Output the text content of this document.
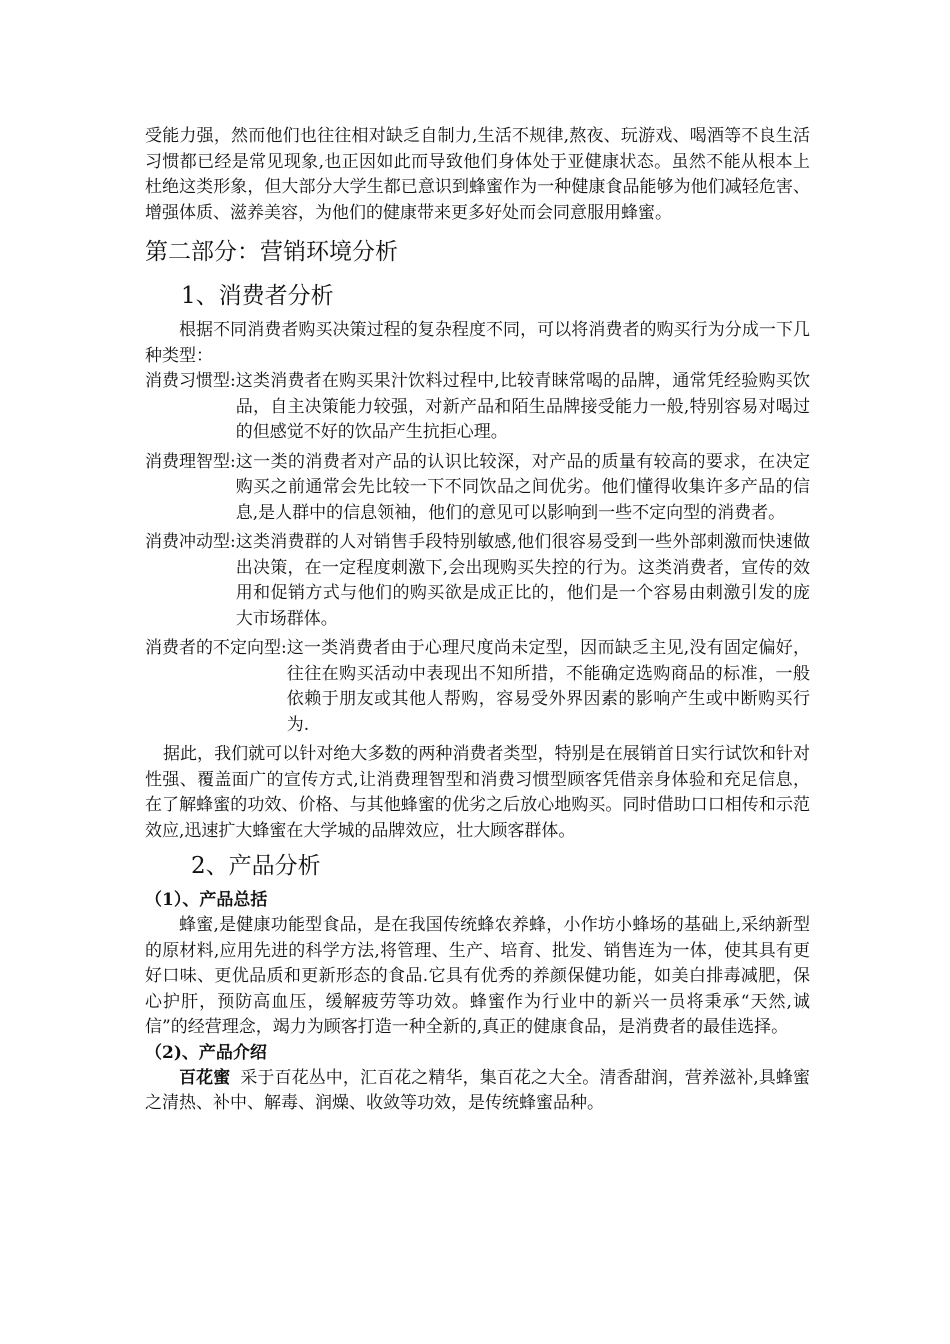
受能力强，然而他们也往往相对缺乏自制力,生活不规律,熬夜、玩游戏、喝酒等不良生活习惯都已经是常见现象,也正因如此而导致他们身体处于亚健康状态。虽然不能从根本上杜绝这类形象，但大部分大学生都已意识到蜂蜜作为一种健康食品能够为他们减轻危害、增强体质、滋养美容，为他们的健康带来更多好处而会同意服用蜂蜜。

第二部分：营销环境分析
1、消费者分析

根据不同消费者购买决策过程的复杂程度不同，可以将消费者的购买行为分成一下几种类型：

消费习惯型: 这类消费者在购买果汁饮料过程中,比较青睐常喝的品牌，通常凭经验购买饮品，自主决策能力较强，对新产品和陌生品牌接受能力一般,特别容易对喝过的但感觉不好的饮品产生抗拒心理。
消费理智型: 这一类的消费者对产品的认识比较深，对产品的质量有较高的要求，在决定购买之前通常会先比较一下不同饮品之间优劣。他们懂得收集许多产品的信息,是人群中的信息领袖，他们的意见可以影响到一些不定向型的消费者。
消费冲动型: 这类消费群的人对销售手段特别敏感,他们很容易受到一些外部刺激而快速做出决策，在一定程度刺激下,会出现购买失控的行为。这类消费者，宣传的效用和促销方式与他们的购买欲是成正比的，他们是一个容易由刺激引发的庞大市场群体。
消费者的不定向型: 这一类消费者由于心理尺度尚未定型，因而缺乏主见,没有固定偏好，往往在购买活动中表现出不知所措，不能确定选购商品的标准，一般依赖于朋友或其他人帮购，容易受外界因素的影响产生或中断购买行为.

据此，我们就可以针对绝大多数的两种消费者类型，特别是在展销首日实行试饮和针对性强、覆盖面广的宣传方式,让消费理智型和消费习惯型顾客凭借亲身体验和充足信息，在了解蜂蜜的功效、价格、与其他蜂蜜的优劣之后放心地购买。同时借助口口相传和示范效应,迅速扩大蜂蜜在大学城的品牌效应，壮大顾客群体。

2、产品分析
（1）、产品总括

蜂蜜,是健康功能型食品，是在我国传统蜂农养蜂，小作坊小蜂场的基础上,采纳新型的原材料,应用先进的科学方法,将管理、生产、培育、批发、销售连为一体，使其具有更好口味、更优品质和更新形态的食品.它具有优秀的养颜保健功能，如美白排毒减肥，保心护肝，预防高血压，缓解疲劳等功效。蜂蜜作为行业中的新兴一员将秉承“天然,诚信”的经营理念，竭力为顾客打造一种全新的,真正的健康食品，是消费者的最佳选择。

（2)、产品介绍

百花蜜 采于百花丛中，汇百花之精华，集百花之大全。清香甜润，营养滋补,具蜂蜜之清热、补中、解毒、润燥、收敛等功效，是传统蜂蜜品种。
